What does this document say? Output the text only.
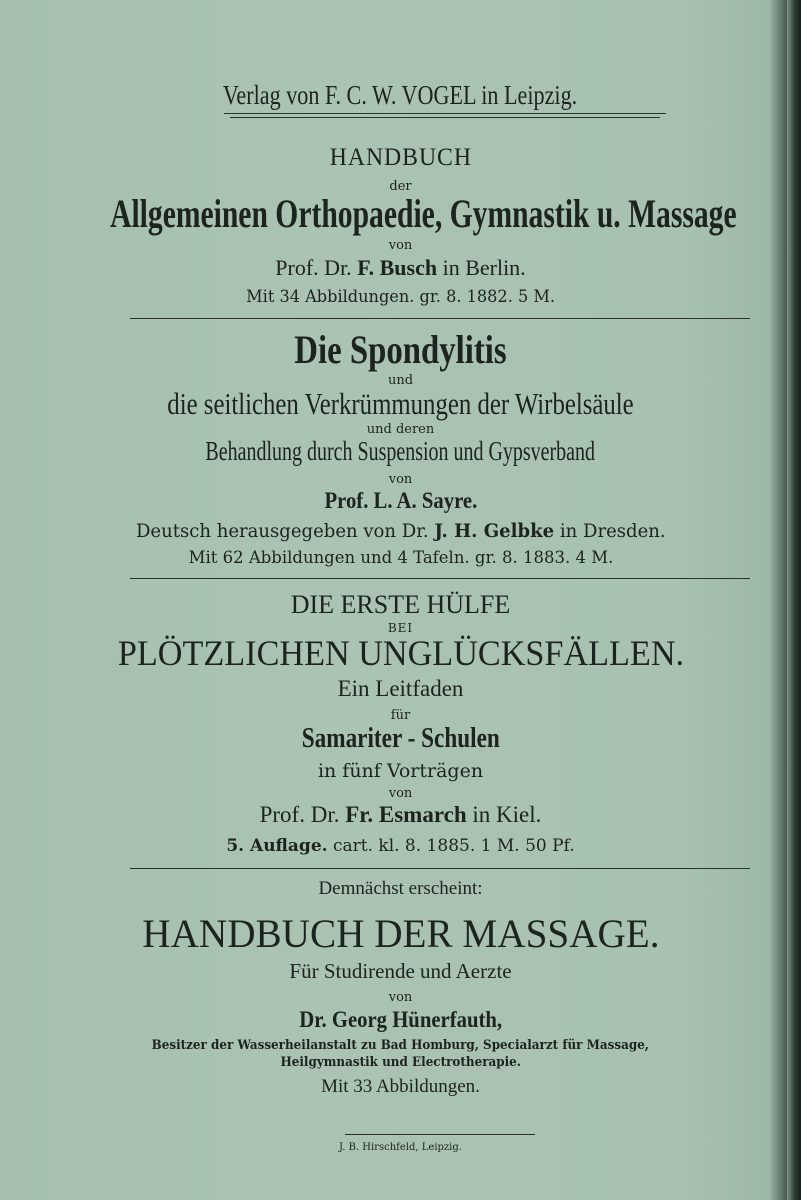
Verlag von F. C. W. VOGEL in Leipzig.
HANDBUCH
der
Allgemeinen Orthopaedie, Gymnastik u. Massage
von
Prof. Dr. F. Busch in Berlin.
Mit 34 Abbildungen. gr. 8. 1882. 5 M.
Die Spondylitis
und
die seitlichen Verkrümmungen der Wirbelsäule
und deren
Behandlung durch Suspension und Gypsverband
von
Prof. L. A. Sayre.
Deutsch herausgegeben von Dr. J. H. Gelbke in Dresden.
Mit 62 Abbildungen und 4 Tafeln. gr. 8. 1883. 4 M.
DIE ERSTE HÜLFE
BEI
PLÖTZLICHEN UNGLÜCKSFÄLLEN.
Ein Leitfaden
für
Samariter - Schulen
in fünf Vorträgen
von
Prof. Dr. Fr. Esmarch in Kiel.
5. Auflage. cart. kl. 8. 1885. 1 M. 50 Pf.
Demnächst erscheint:
HANDBUCH DER MASSAGE.
Für Studirende und Aerzte
von
Dr. Georg Hünerfauth,
Besitzer der Wasserheilanstalt zu Bad Homburg, Specialarzt für Massage,
Heilgymnastik und Electrotherapie.
Mit 33 Abbildungen.
J. B. Hirschfeld, Leipzig.
